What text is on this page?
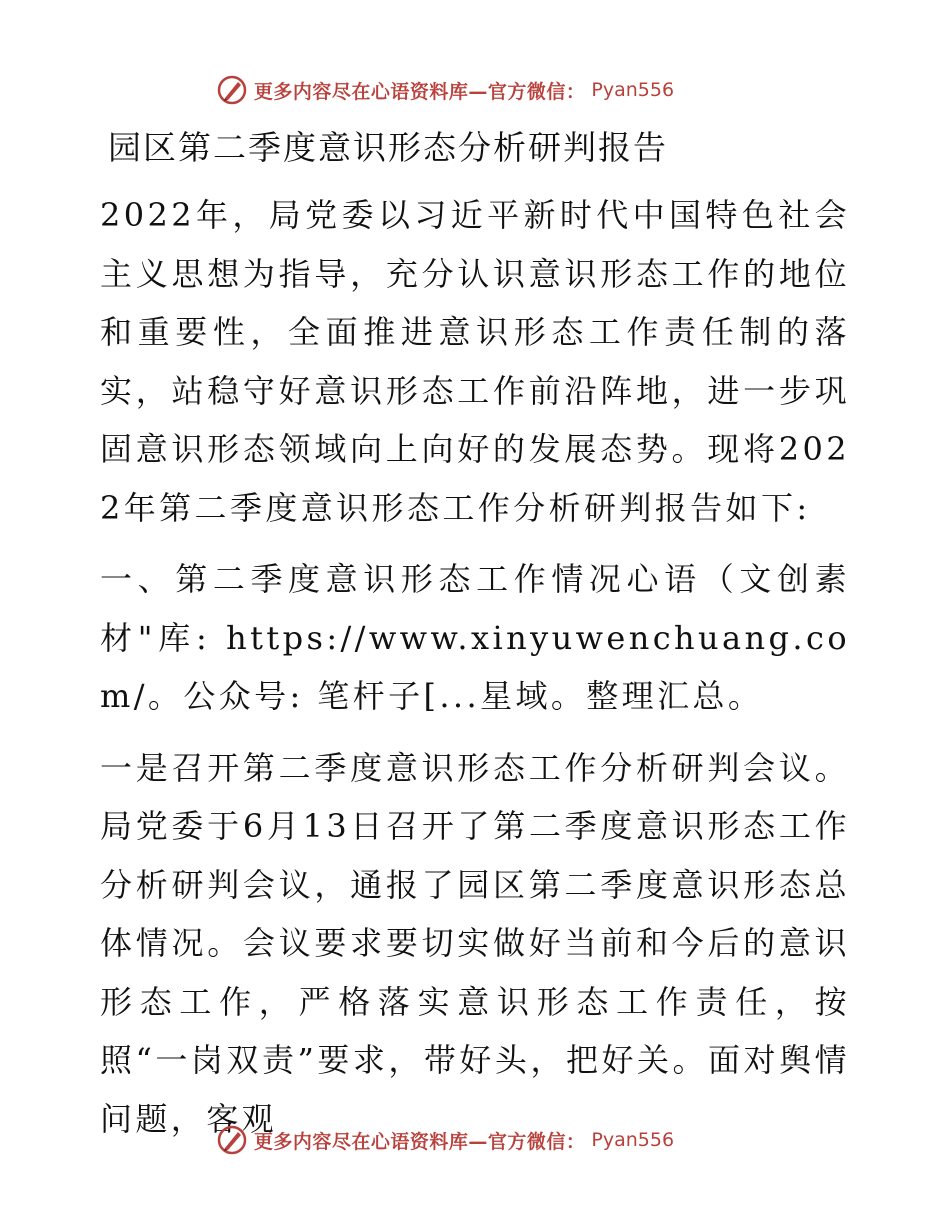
更多内容尽在心语资料库—官方微信： Pyan556
园区第二季度意识形态分析研判报告

2022年，局党委以习近平新时代中国特色社会主义思想为指导，充分认识意识形态工作的地位和重要性，全面推进意识形态工作责任制的落实，站稳守好意识形态工作前沿阵地，进一步巩固意识形态领域向上向好的发展态势。现将2022年第二季度意识形态工作分析研判报告如下:

一、第二季度意识形态工作情况心语（文创素材"库: https://www.xinyuwenchuang.com/。公众号: 笔杆子[...星域。整理汇总。

一是召开第二季度意识形态工作分析研判会议。局党委于6月13日召开了第二季度意识形态工作分析研判会议，通报了园区第二季度意识形态总体情况。会议要求要切实做好当前和今后的意识形态工作，严格落实意识形态工作责任，按照“一岗双责”要求，带好头，把好关。面对舆情问题，客观

更多内容尽在心语资料库—官方微信： Pyan556
